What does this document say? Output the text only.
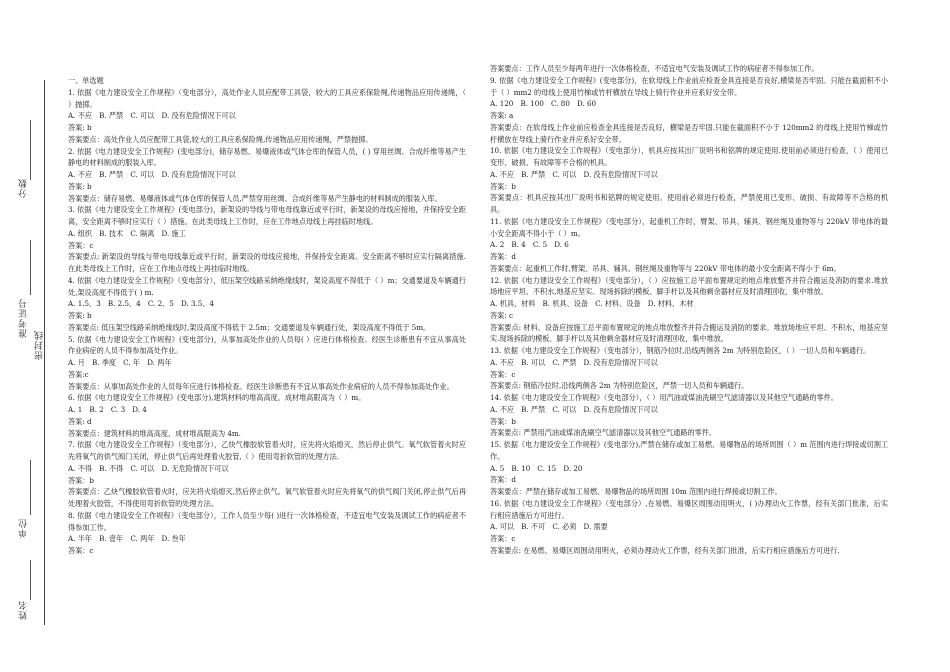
分数
准考证号
密封线
单位
姓名

一、单选题

1. 依据《电力建设安全工作规程》（变电部分），高处作业人员应配带工具袋，较大的工具应系保险绳,传递物品应用传递绳，（ ）抛掷。

A. 不应　B. 严禁　C. 可以　D. 没有危险情况下可以

答案: b

答案要点：高处作业人员应配带工具袋,较大的工具应系保险绳,传递物品应用传递绳，严禁抛掷。

2. 依据《电力建设安全工作规程》(变电部分)，储存易燃、易爆液体或气体仓库的保管人员，( ) 穿用丝绸、合成纤维等易产生静电的材料制成的服装入库。

A. 不应　B. 严禁　C. 可以　D. 没有危险情况下可以

答案: b

答案要点：储存易燃、易爆液体或气体仓库的保管人员,严禁穿用丝绸、合成纤维等易产生静电的材料制成的服装入库。

3. 依据《电力建设安全工作规程》(变电部分)，新架设的导线与带电母线靠近或平行时，新架设的母线应接地，并保持安全距离，安全距离不够时应实行（ ）措施。在此类母线上工作时，应在工作地点母线上再挂临时地线。

A. 组织　B. 技术　C. 隔离　D. 施工

答案：c

答案要点: 新架设的导线与带电母线靠近或平行时，新架设的母线应接地，并保持安全距离。安全距离不够时应实行隔离措施.在此类母线上工作时，应在工作地点母线上再挂临时地线。

4. 依据《电力建设安全工作规程》（变电部分），低压架空线路采纳绝缘线时，架设高度不得低于（ ）m；交通要道及车辆通行处,架设高度不得低于( ) m.

A. 1.5、3　B. 2.5、4　C. 2、5　D. 3.5、4

答案: b

答案要点: 低压架空线路采纳绝缘线时,架设高度不得低于 2.5m；交通要道及车辆通行处，架设高度不得低于 5m。

5. 依据《电力建设安全工作规程》(变电部分)，从事加高处作业的人员每( ）应进行体格检查。经医生诊断患有不宜从事高处作业病症的人员不得参加高处作业。

A. 月　B. 季度　C. 年　D. 两年

答案:c

答案要点：从事加高处作业的人员每年应进行体格检查。经医生诊断患有不宜从事高处作业病症的人员不得参加高处作业。

6. 依据《电力建设安全工作规程》(变电部分),建筑材料的堆高高度，成材堆高限高为（ ）m。

A. 1　B. 2　C. 3　D. 4

答案: d

答案要点：建筑材料的堆高高度，成材堆高限高为 4m.

7. 依据《电力建设安全工作规程》（变电部分），乙炔气橡胶软管着火时，应先将火焰熄灭，然后停止供气。氧气软管着火时应先将氧气的供气阀门关闭，停止供气后再处理着火胶管,（ ）使用弯折软管的处理方法.

A. 不得　B. 不得　C. 可以　D. 无危险情况下可以

答案：b

答案要点：乙炔气橡胶软管着火时，应先将火焰熄灭,然后停止供气。氧气软管着火时应先将氧气的供气阀门关闭,停止供气后再处理着火胶管，不得使用弯折软管的处理方法。

8. 依据《电力建设安全工作规程》（变电部分），工作人员至少每( )进行一次体格检查，不适宜电气安装及调试工作的病症者不得参加工作。

A. 半年　B. 壹年　C. 两年　D. 叁年

答案：c

答案要点：工作人员至少每两年进行一次体格检查，不适宜电气安装及调试工作的病症者不得参加工作。

9. 依据《电力建设安全工作规程》(变电部分)，在软母线上作业前应检查金具连接是否良好,横梁是否牢固。只能在截面积不小于（ ）mm2 的母线上使用竹梯或竹杆横放在导线上骑行作业并应系好安全带。

A. 120　B. 100　C. 80　D. 60

答案: a

答案要点：在软母线上作业前应检查金具连接是否良好，横梁是否牢固.只能在截面积不小于 120mm2 的母线上使用竹梯或竹杆横放在导线上骑行作业并应系好安全带。

10. 依据《电力建设安全工作规程》（变电部分），机具应按其出厂说明书和铭牌的规定使用.使用前必须进行检查，（ ）使用已变形、破损、有故障等不合格的机具。

A. 不应　B. 严禁　C. 可以　D. 没有危险情况下可以

答案：b

答案要点：机具应按其出厂说明书和铭牌的规定使用。使用前必须进行检查，严禁使用已变形、破损、有故障等不合格的机具。

11. 依据《电力建设安全工作规程》（变电部分），起重机工作时，臂架、吊具、辅具、钢丝绳及重物等与 220kV 带电体的最小安全距离不得小于（ ）m。

A. 2　B. 4　C. 5　D. 6

答案：d

答案要点：起重机工作时,臂架、吊具、辅具、钢丝绳及重物等与 220kV 带电体的最小安全距离不得小于 6m。

12. 依据《电力建设安全工作规程》（变电部分），（ ）应按施工总平面布置规定的地点堆放整齐并符合搬运及消防的要求.堆放场地应平坦、不积水,地基应坚实。现场拆除的模板、脚手杆以及其他剩余器材应及时清理回收，集中堆放。

A. 机具、材料　B. 机具、设备　C. 材料、设备　D. 材料、木材

答案: c

答案要点: 材料、设备应按施工总平面布置规定的地点堆放整齐并符合搬运及消防的要求。堆放场地应平坦、不积水，地基应坚实.现场拆除的模板、脚手杆以及其他剩余器材应及时清理回收，集中堆放。

13. 依据《电力建设安全工作规程》（变电部分），钢筋冷拉时,沿线两侧各 2m 为特别危险区，（ ）一切人员和车辆通行。

A. 不应　B. 可以　C. 严禁　D. 没有危险情况下可以

答案：c

答案要点: 钢筋冷拉时,沿线两侧各 2m 为特别危险区，严禁一切人员和车辆通行。

14. 依据《电力建设安全工作规程》（变电部分），（ ）用汽油或煤油洗刷空气滤清器以及其他空气通路的零件。

A. 不应　B. 严禁　C. 可以　D. 没有危险情况下可以

答案：b

答案要点: 严禁用汽油或煤油洗刷空气滤清器以及其他空气通路的零件。

15. 依据《电力建设安全工作规程》(变电部分),严禁在储存或加工易燃、易爆物品的场所周围（ ）m 范围内进行焊接或切割工作。

A. 5　B. 10　C. 15　D. 20

答案：d

答案要点：严禁在储存或加工易燃、易爆物品的场所周围 10m 范围内进行焊接或切割工作。

16. 依据《电力建设安全工作规程》（变电部分）,在易燃、易爆区周围动用明火，( )办理动火工作票，经有关部门批准，后实行相应措施后方可进行。

A. 可以　B. 不可　C. 必须　D. 需要

答案：c

答案要点: 在易燃、易爆区周围动用明火，必须办理动火工作票，经有关部门批准，后实行相应措施后方可进行.
